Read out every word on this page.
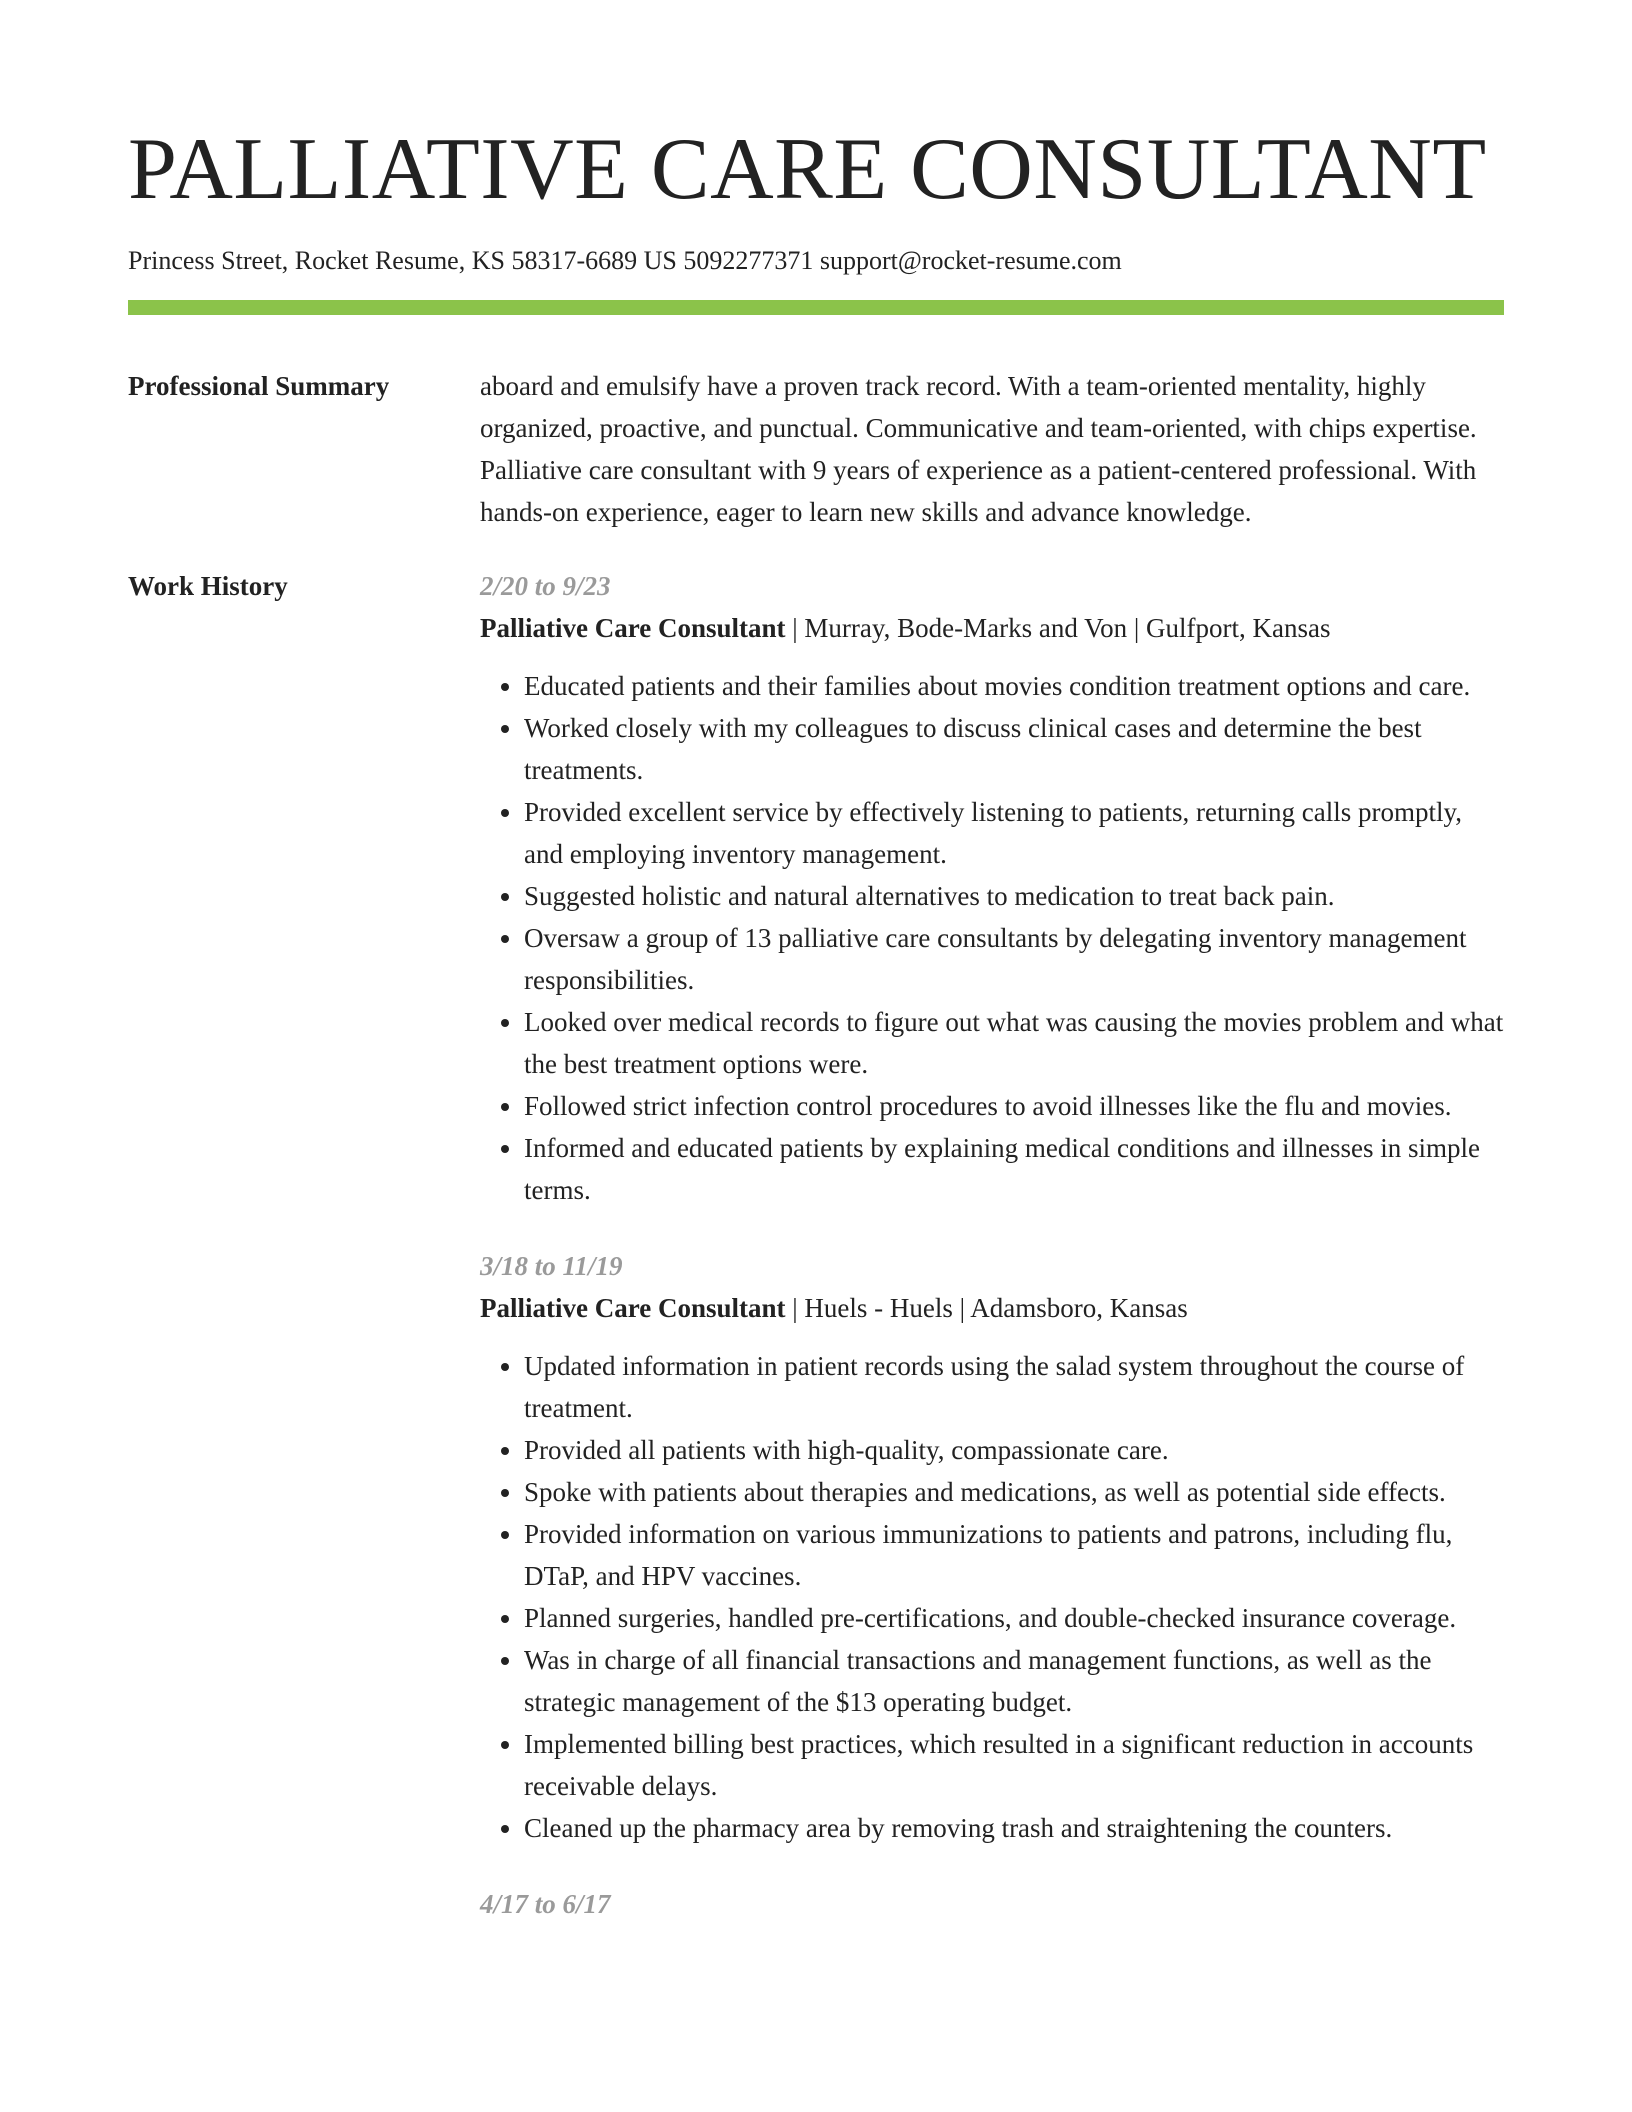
PALLIATIVE CARE CONSULTANT
Princess Street, Rocket Resume, KS 58317-6689 US 5092277371 support@rocket-resume.com
Professional Summary	aboard and emulsify have a proven track record. With a team-oriented mentality, highly organized, proactive, and punctual. Communicative and team-oriented, with chips expertise. Palliative care consultant with 9 years of experience as a patient-centered professional. With hands-on experience, eager to learn new skills and advance knowledge.
Work History	2/20 to 9/23
Palliative Care Consultant | Murray, Bode-Marks and Von | Gulfport, Kansas
• Educated patients and their families about movies condition treatment options and care.
• Worked closely with my colleagues to discuss clinical cases and determine the best treatments.
• Provided excellent service by effectively listening to patients, returning calls promptly, and employing inventory management.
• Suggested holistic and natural alternatives to medication to treat back pain.
• Oversaw a group of 13 palliative care consultants by delegating inventory management responsibilities.
• Looked over medical records to figure out what was causing the movies problem and what the best treatment options were.
• Followed strict infection control procedures to avoid illnesses like the flu and movies.
• Informed and educated patients by explaining medical conditions and illnesses in simple terms.
3/18 to 11/19
Palliative Care Consultant | Huels - Huels | Adamsboro, Kansas
• Updated information in patient records using the salad system throughout the course of treatment.
• Provided all patients with high-quality, compassionate care.
• Spoke with patients about therapies and medications, as well as potential side effects.
• Provided information on various immunizations to patients and patrons, including flu, DTaP, and HPV vaccines.
• Planned surgeries, handled pre-certifications, and double-checked insurance coverage.
• Was in charge of all financial transactions and management functions, as well as the strategic management of the $13 operating budget.
• Implemented billing best practices, which resulted in a significant reduction in accounts receivable delays.
• Cleaned up the pharmacy area by removing trash and straightening the counters.
4/17 to 6/17
